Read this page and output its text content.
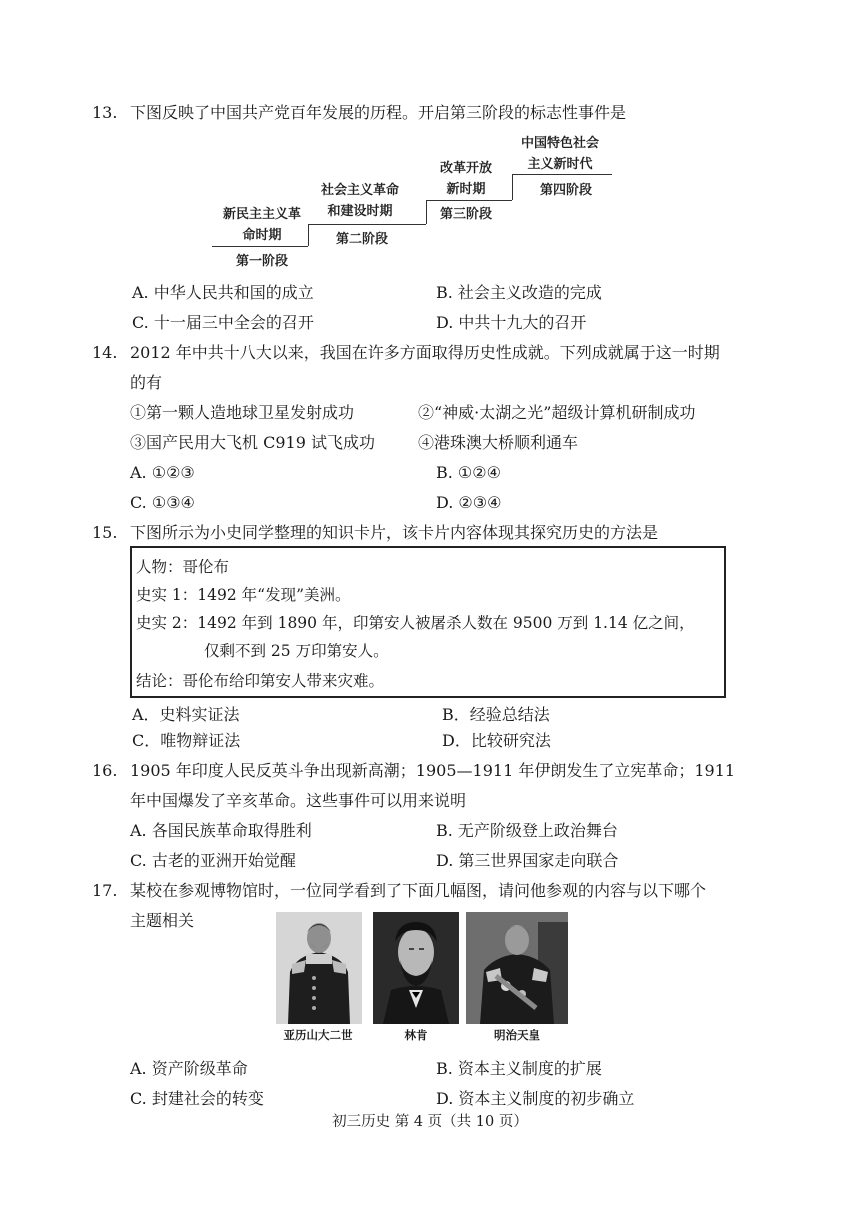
13. 下图反映了中国共产党百年发展的历程。开启第三阶段的标志性事件是
新民主主义革
命时期
第一阶段
社会主义革命
和建设时期
第二阶段
改革开放
新时期
第三阶段
中国特色社会
主义新时代
第四阶段
A. 中华人民共和国的成立	B. 社会主义改造的完成
C. 十一届三中全会的召开	D. 中共十九大的召开
14. 2012 年中共十八大以来，我国在许多方面取得历史性成就。下列成就属于这一时期
的有
①第一颗人造地球卫星发射成功	②“神威·太湖之光”超级计算机研制成功
③国产民用大飞机 C919 试飞成功	④港珠澳大桥顺利通车
A. ①②③	B. ①②④
C. ①③④	D. ②③④
15. 下图所示为小史同学整理的知识卡片，该卡片内容体现其探究历史的方法是
人物：哥伦布
史实 1：1492 年“发现”美洲。
史实 2：1492 年到 1890 年，印第安人被屠杀人数在 9500 万到 1.14 亿之间，
仅剩不到 25 万印第安人。
结论：哥伦布给印第安人带来灾难。
A．史料实证法	B．经验总结法
C．唯物辩证法	D．比较研究法
16. 1905 年印度人民反英斗争出现新高潮；1905—1911 年伊朗发生了立宪革命；1911
年中国爆发了辛亥革命。这些事件可以用来说明
A. 各国民族革命取得胜利	B. 无产阶级登上政治舞台
C. 古老的亚洲开始觉醒	D. 第三世界国家走向联合
17. 某校在参观博物馆时，一位同学看到了下面几幅图，请问他参观的内容与以下哪个
主题相关
亚历山大二世	林肯	明治天皇
A. 资产阶级革命	B. 资本主义制度的扩展
C. 封建社会的转变	D. 资本主义制度的初步确立
初三历史 第 4 页（共 10 页）
